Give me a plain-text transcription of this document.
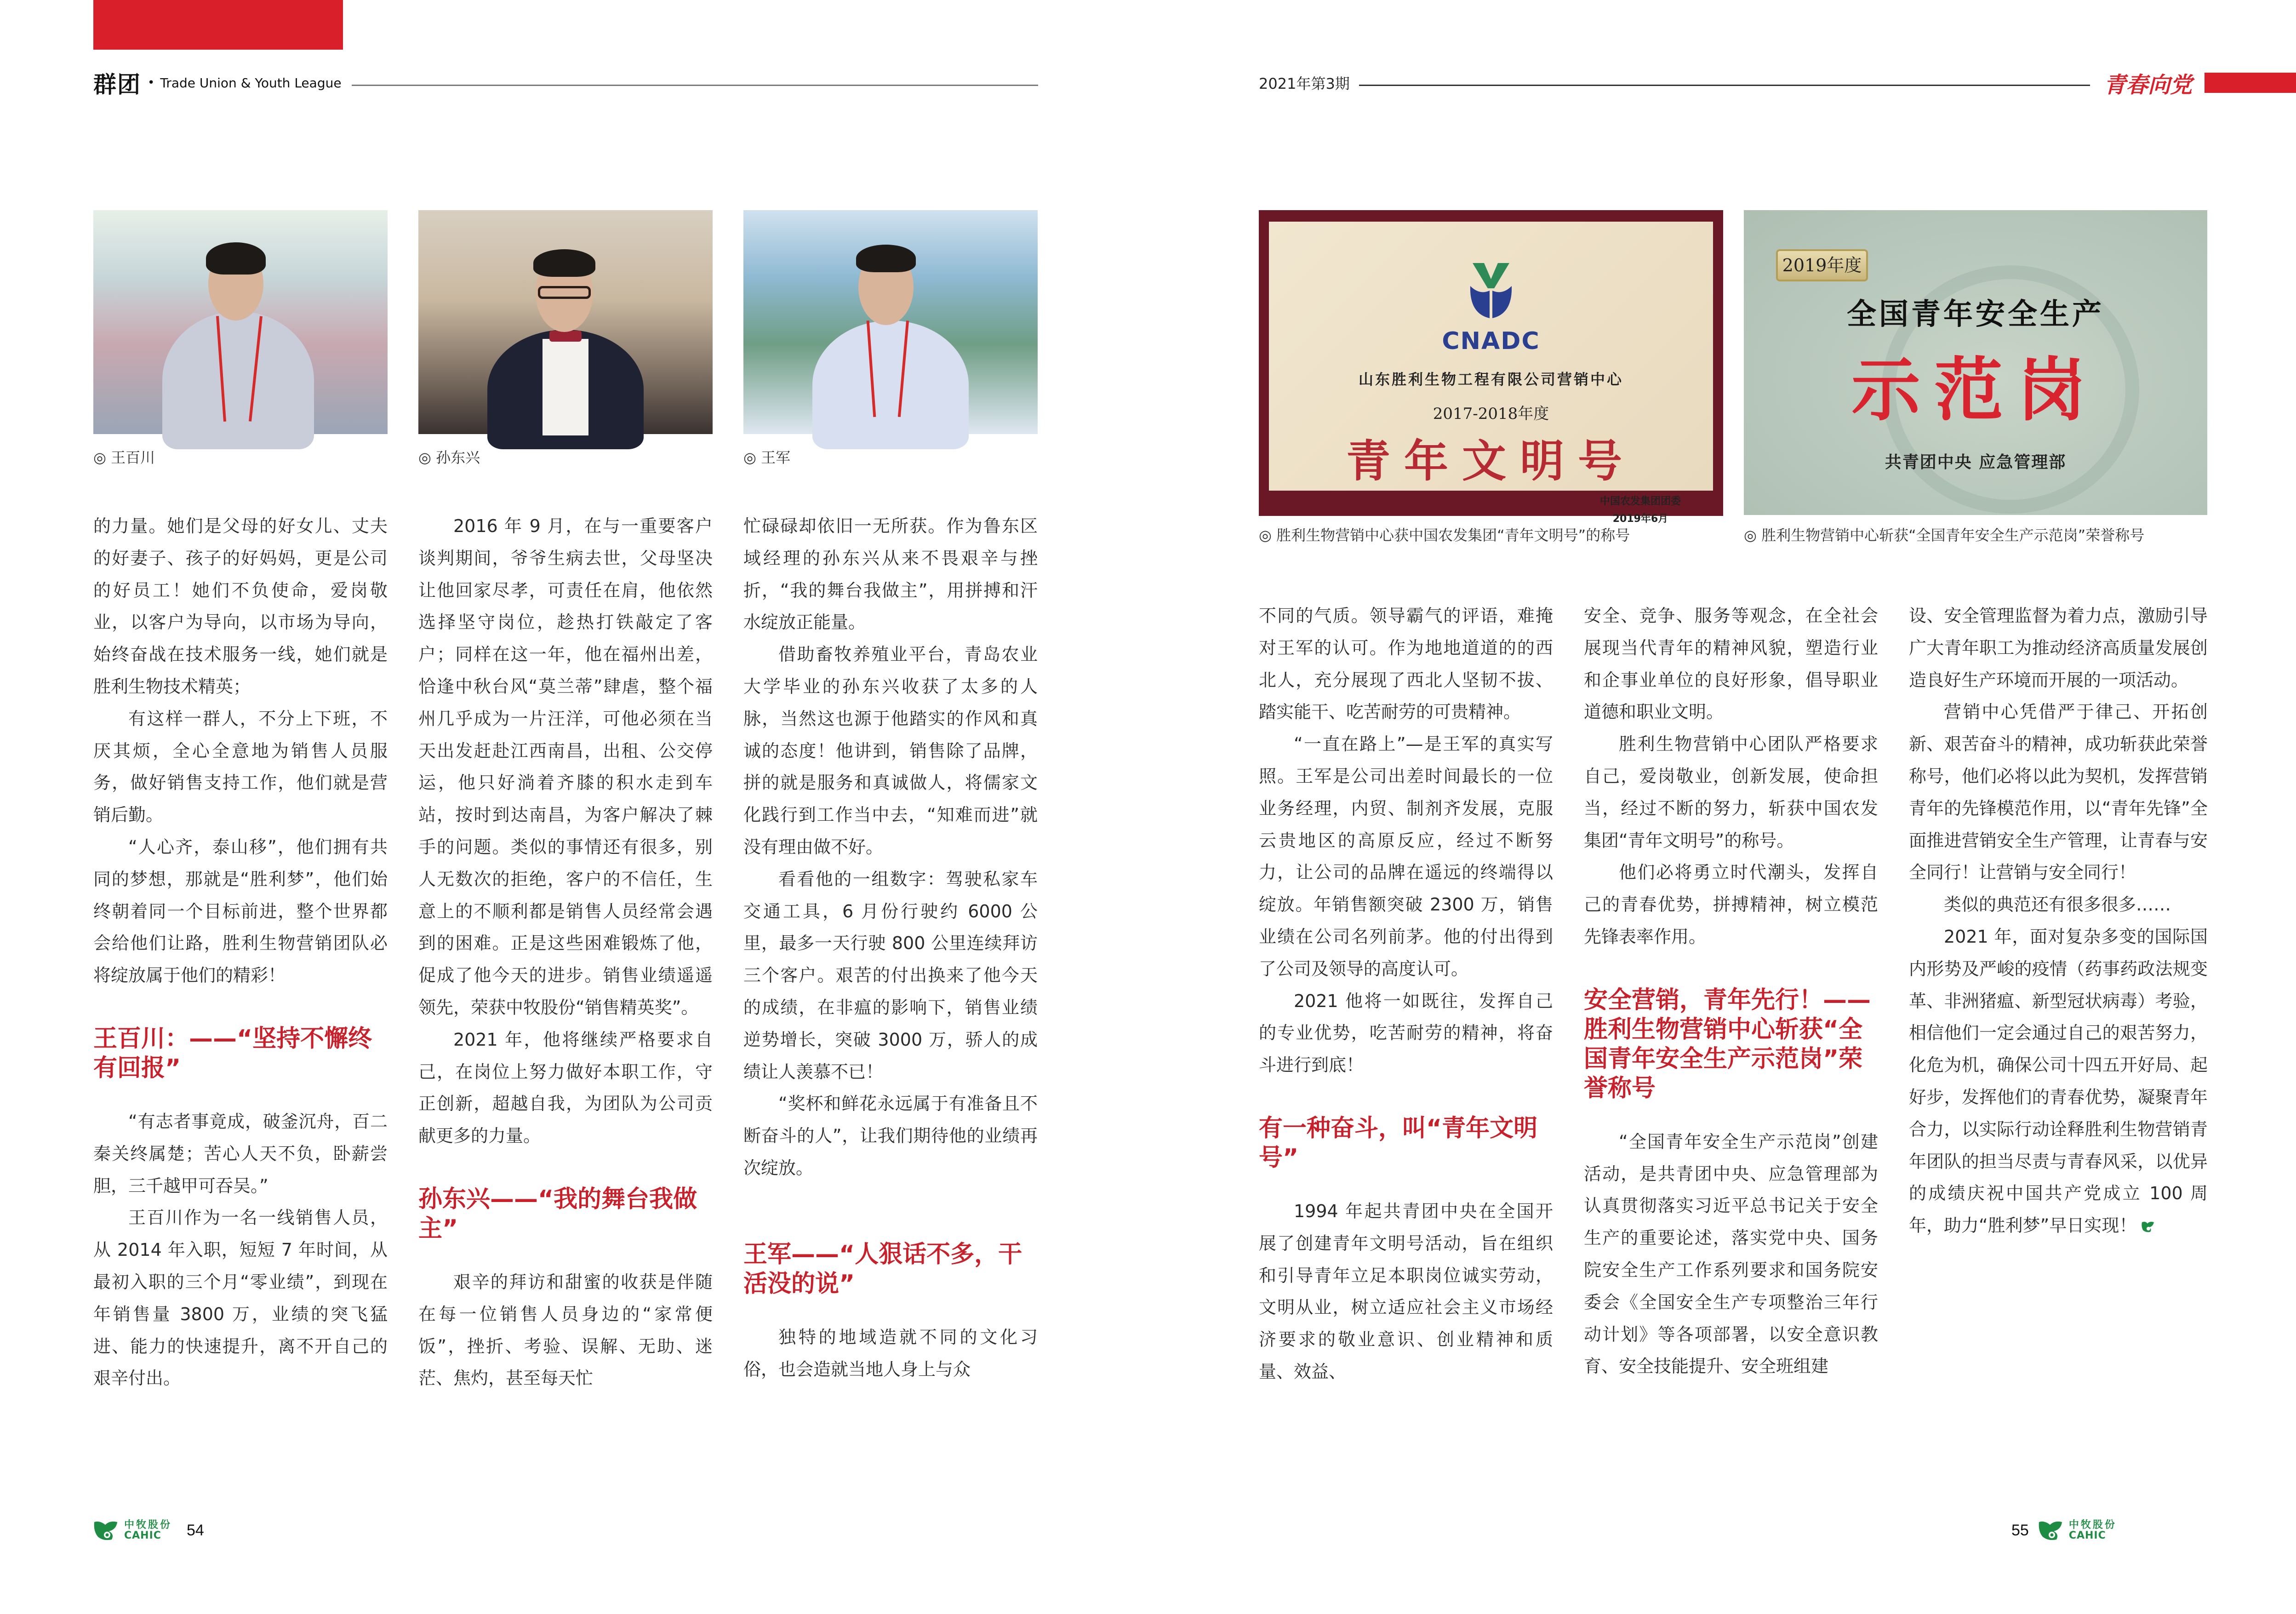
群团 • Trade Union & Youth League	2021年第3期	青春向党
◎ 王百川	◎ 孙东兴	◎ 王军
CNADC
山东胜利生物工程有限公司营销中心
2017-2018年度
青年文明号
中国农发集团团委
2019年6月
2019年度
全国青年安全生产
示范岗
共青团中央 应急管理部
◎ 胜利生物营销中心获中国农发集团“青年文明号”的称号	◎ 胜利生物营销中心斩获“全国青年安全生产示范岗”荣誉称号

的力量。她们是父母的好女儿、丈夫的好妻子、孩子的好妈妈，更是公司的好员工！她们不负使命，爱岗敬业，以客户为导向，以市场为导向，始终奋战在技术服务一线，她们就是胜利生物技术精英；

有这样一群人，不分上下班，不厌其烦，全心全意地为销售人员服务，做好销售支持工作，他们就是营销后勤。

“人心齐，泰山移”，他们拥有共同的梦想，那就是“胜利梦”，他们始终朝着同一个目标前进，整个世界都会给他们让路，胜利生物营销团队必将绽放属于他们的精彩！

王百川：——“坚持不懈终有回报”

“有志者事竟成，破釜沉舟，百二秦关终属楚；苦心人天不负，卧薪尝胆，三千越甲可吞吴。”

王百川作为一名一线销售人员，从 2014 年入职，短短 7 年时间，从最初入职的三个月“零业绩”，到现在年销售量 3800 万，业绩的突飞猛进、能力的快速提升，离不开自己的艰辛付出。

2016 年 9 月，在与一重要客户谈判期间，爷爷生病去世，父母坚决让他回家尽孝，可责任在肩，他依然选择坚守岗位，趁热打铁敲定了客户；同样在这一年，他在福州出差，恰逢中秋台风“莫兰蒂”肆虐，整个福州几乎成为一片汪洋，可他必须在当天出发赶赴江西南昌，出租、公交停运，他只好淌着齐膝的积水走到车站，按时到达南昌，为客户解决了棘手的问题。类似的事情还有很多，别人无数次的拒绝，客户的不信任，生意上的不顺利都是销售人员经常会遇到的困难。正是这些困难锻炼了他，促成了他今天的进步。销售业绩遥遥领先，荣获中牧股份“销售精英奖”。

2021 年，他将继续严格要求自己，在岗位上努力做好本职工作，守正创新，超越自我，为团队为公司贡献更多的力量。

孙东兴——“我的舞台我做主”

艰辛的拜访和甜蜜的收获是伴随在每一位销售人员身边的“家常便饭”，挫折、考验、误解、无助、迷茫、焦灼，甚至每天忙

忙碌碌却依旧一无所获。作为鲁东区域经理的孙东兴从来不畏艰辛与挫折，“我的舞台我做主”，用拼搏和汗水绽放正能量。

借助畜牧养殖业平台，青岛农业大学毕业的孙东兴收获了太多的人脉，当然这也源于他踏实的作风和真诚的态度！他讲到，销售除了品牌，拼的就是服务和真诚做人，将儒家文化践行到工作当中去，“知难而进”就没有理由做不好。

看看他的一组数字：驾驶私家车交通工具，6 月份行驶约 6000 公里，最多一天行驶 800 公里连续拜访三个客户。艰苦的付出换来了他今天的成绩，在非瘟的影响下，销售业绩逆势增长，突破 3000 万，骄人的成绩让人羡慕不已！

“奖杯和鲜花永远属于有准备且不断奋斗的人”，让我们期待他的业绩再次绽放。

王军——“人狠话不多，干活没的说”

独特的地域造就不同的文化习俗，也会造就当地人身上与众

不同的气质。领导霸气的评语，难掩对王军的认可。作为地地道道的的西北人，充分展现了西北人坚韧不拔、踏实能干、吃苦耐劳的可贵精神。

“一直在路上”—是王军的真实写照。王军是公司出差时间最长的一位业务经理，内贸、制剂齐发展，克服云贵地区的高原反应，经过不断努力，让公司的品牌在遥远的终端得以绽放。年销售额突破 2300 万，销售业绩在公司名列前茅。他的付出得到了公司及领导的高度认可。

2021 他将一如既往，发挥自己的专业优势，吃苦耐劳的精神，将奋斗进行到底！

有一种奋斗，叫“青年文明号”

1994 年起共青团中央在全国开展了创建青年文明号活动，旨在组织和引导青年立足本职岗位诚实劳动，文明从业，树立适应社会主义市场经济要求的敬业意识、创业精神和质量、效益、

安全、竞争、服务等观念，在全社会展现当代青年的精神风貌，塑造行业和企事业单位的良好形象，倡导职业道德和职业文明。

胜利生物营销中心团队严格要求自己，爱岗敬业，创新发展，使命担当，经过不断的努力，斩获中国农发集团“青年文明号”的称号。

他们必将勇立时代潮头，发挥自己的青春优势，拼搏精神，树立模范先锋表率作用。

安全营销，青年先行！——胜利生物营销中心斩获“全国青年安全生产示范岗”荣誉称号

“全国青年安全生产示范岗”创建活动，是共青团中央、应急管理部为认真贯彻落实习近平总书记关于安全生产的重要论述，落实党中央、国务院安全生产工作系列要求和国务院安委会《全国安全生产专项整治三年行动计划》等各项部署，以安全意识教育、安全技能提升、安全班组建

设、安全管理监督为着力点，激励引导广大青年职工为推动经济高质量发展创造良好生产环境而开展的一项活动。

营销中心凭借严于律己、开拓创新、艰苦奋斗的精神，成功斩获此荣誉称号，他们必将以此为契机，发挥营销青年的先锋模范作用，以“青年先锋”全面推进营销安全生产管理，让青春与安全同行！让营销与安全同行！

类似的典范还有很多很多……

2021 年，面对复杂多变的国际国内形势及严峻的疫情（药事药政法规变革、非洲猪瘟、新型冠状病毒）考验，相信他们一定会通过自己的艰苦努力，化危为机，确保公司十四五开好局、起好步，发挥他们的青春优势，凝聚青年合力，以实际行动诠释胜利生物营销青年团队的担当尽责与青春风采，以优异的成绩庆祝中国共产党成立 100 周年，助力“胜利梦”早日实现！

中牧股份
CAHIC	54	55	中牧股份
CAHIC
